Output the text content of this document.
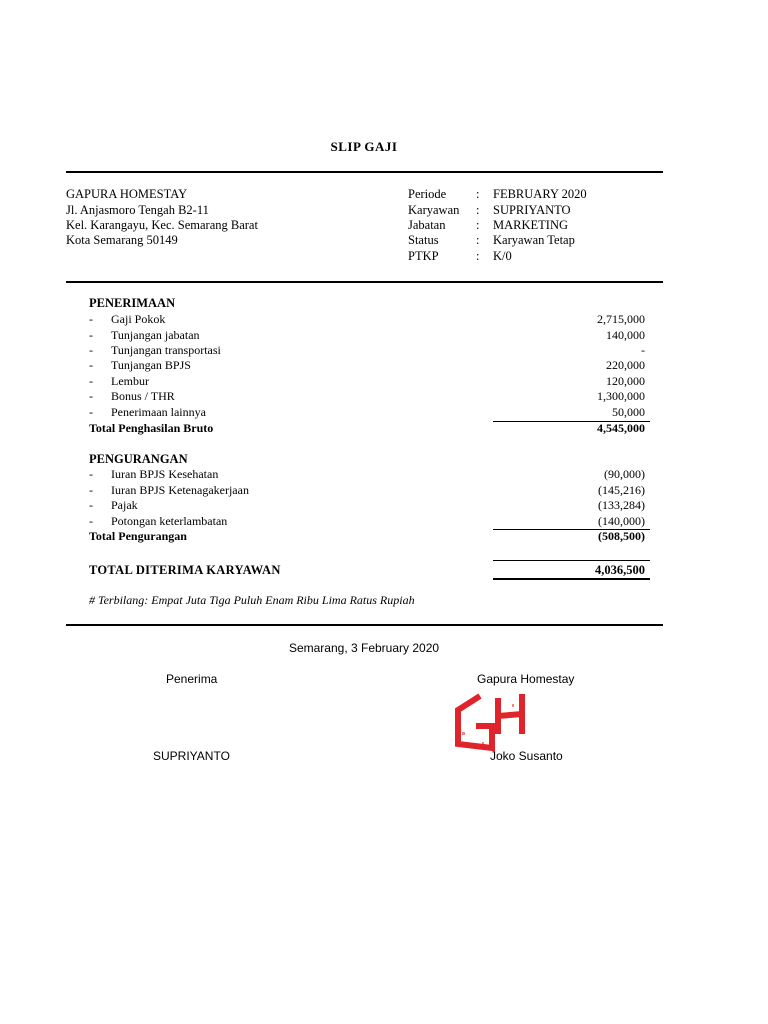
SLIP GAJI
GAPURA HOMESTAY
Jl. Anjasmoro Tengah B2-11
Kel. Karangayu, Kec. Semarang Barat
Kota Semarang 50149
Periode : FEBRUARY 2020
Karyawan : SUPRIYANTO
Jabatan : MARKETING
Status	: Karyawan Tetap
PTKP	: K/0
PENERIMAAN
- Gaji Pokok	2,715,000
- Tunjangan jabatan	140,000
- Tunjangan transportasi	-
- Tunjangan BPJS	220,000
- Lembur	120,000
- Bonus / THR	1,300,000
- Penerimaan lainnya	50,000
Total Penghasilan Bruto	4,545,000
PENGURANGAN
- Iuran BPJS Kesehatan	(90,000)
- Iuran BPJS Ketenagakerjaan	(145,216)
- Pajak	(133,284)
- Potongan keterlambatan	(140,000)
Total Pengurangan	(508,500)
TOTAL DITERIMA KARYAWAN	4,036,500
# Terbilang: Empat Juta Tiga Puluh Enam Ribu Lima Ratus Rupiah
Semarang, 3 February 2020
Penerima	Gapura Homestay
SUPRIYANTO	Joko Susanto
